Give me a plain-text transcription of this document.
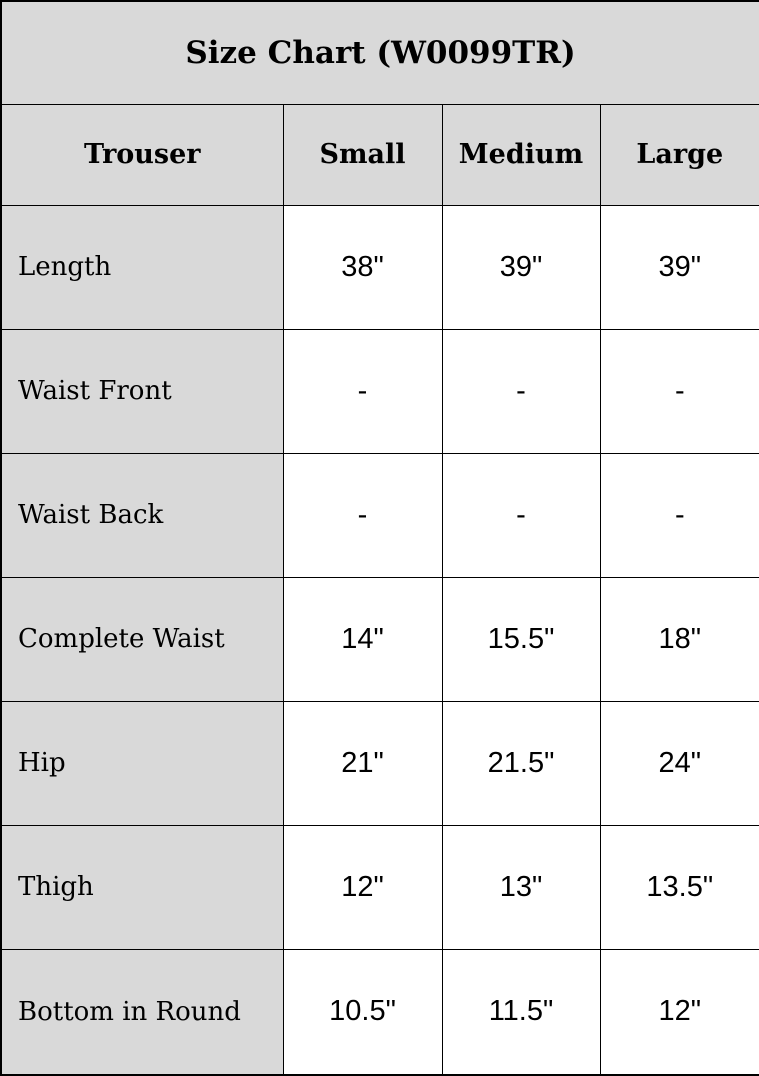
Size Chart (W0099TR)			
Trouser	Small	Medium	Large
Length	38"	39"	39"
Waist Front	-	-	-
Waist Back	-	-	-
Complete Waist	14"	15.5"	18"
Hip	21"	21.5"	24"
Thigh	12"	13"	13.5"
Bottom in Round	10.5"	11.5"	12"
